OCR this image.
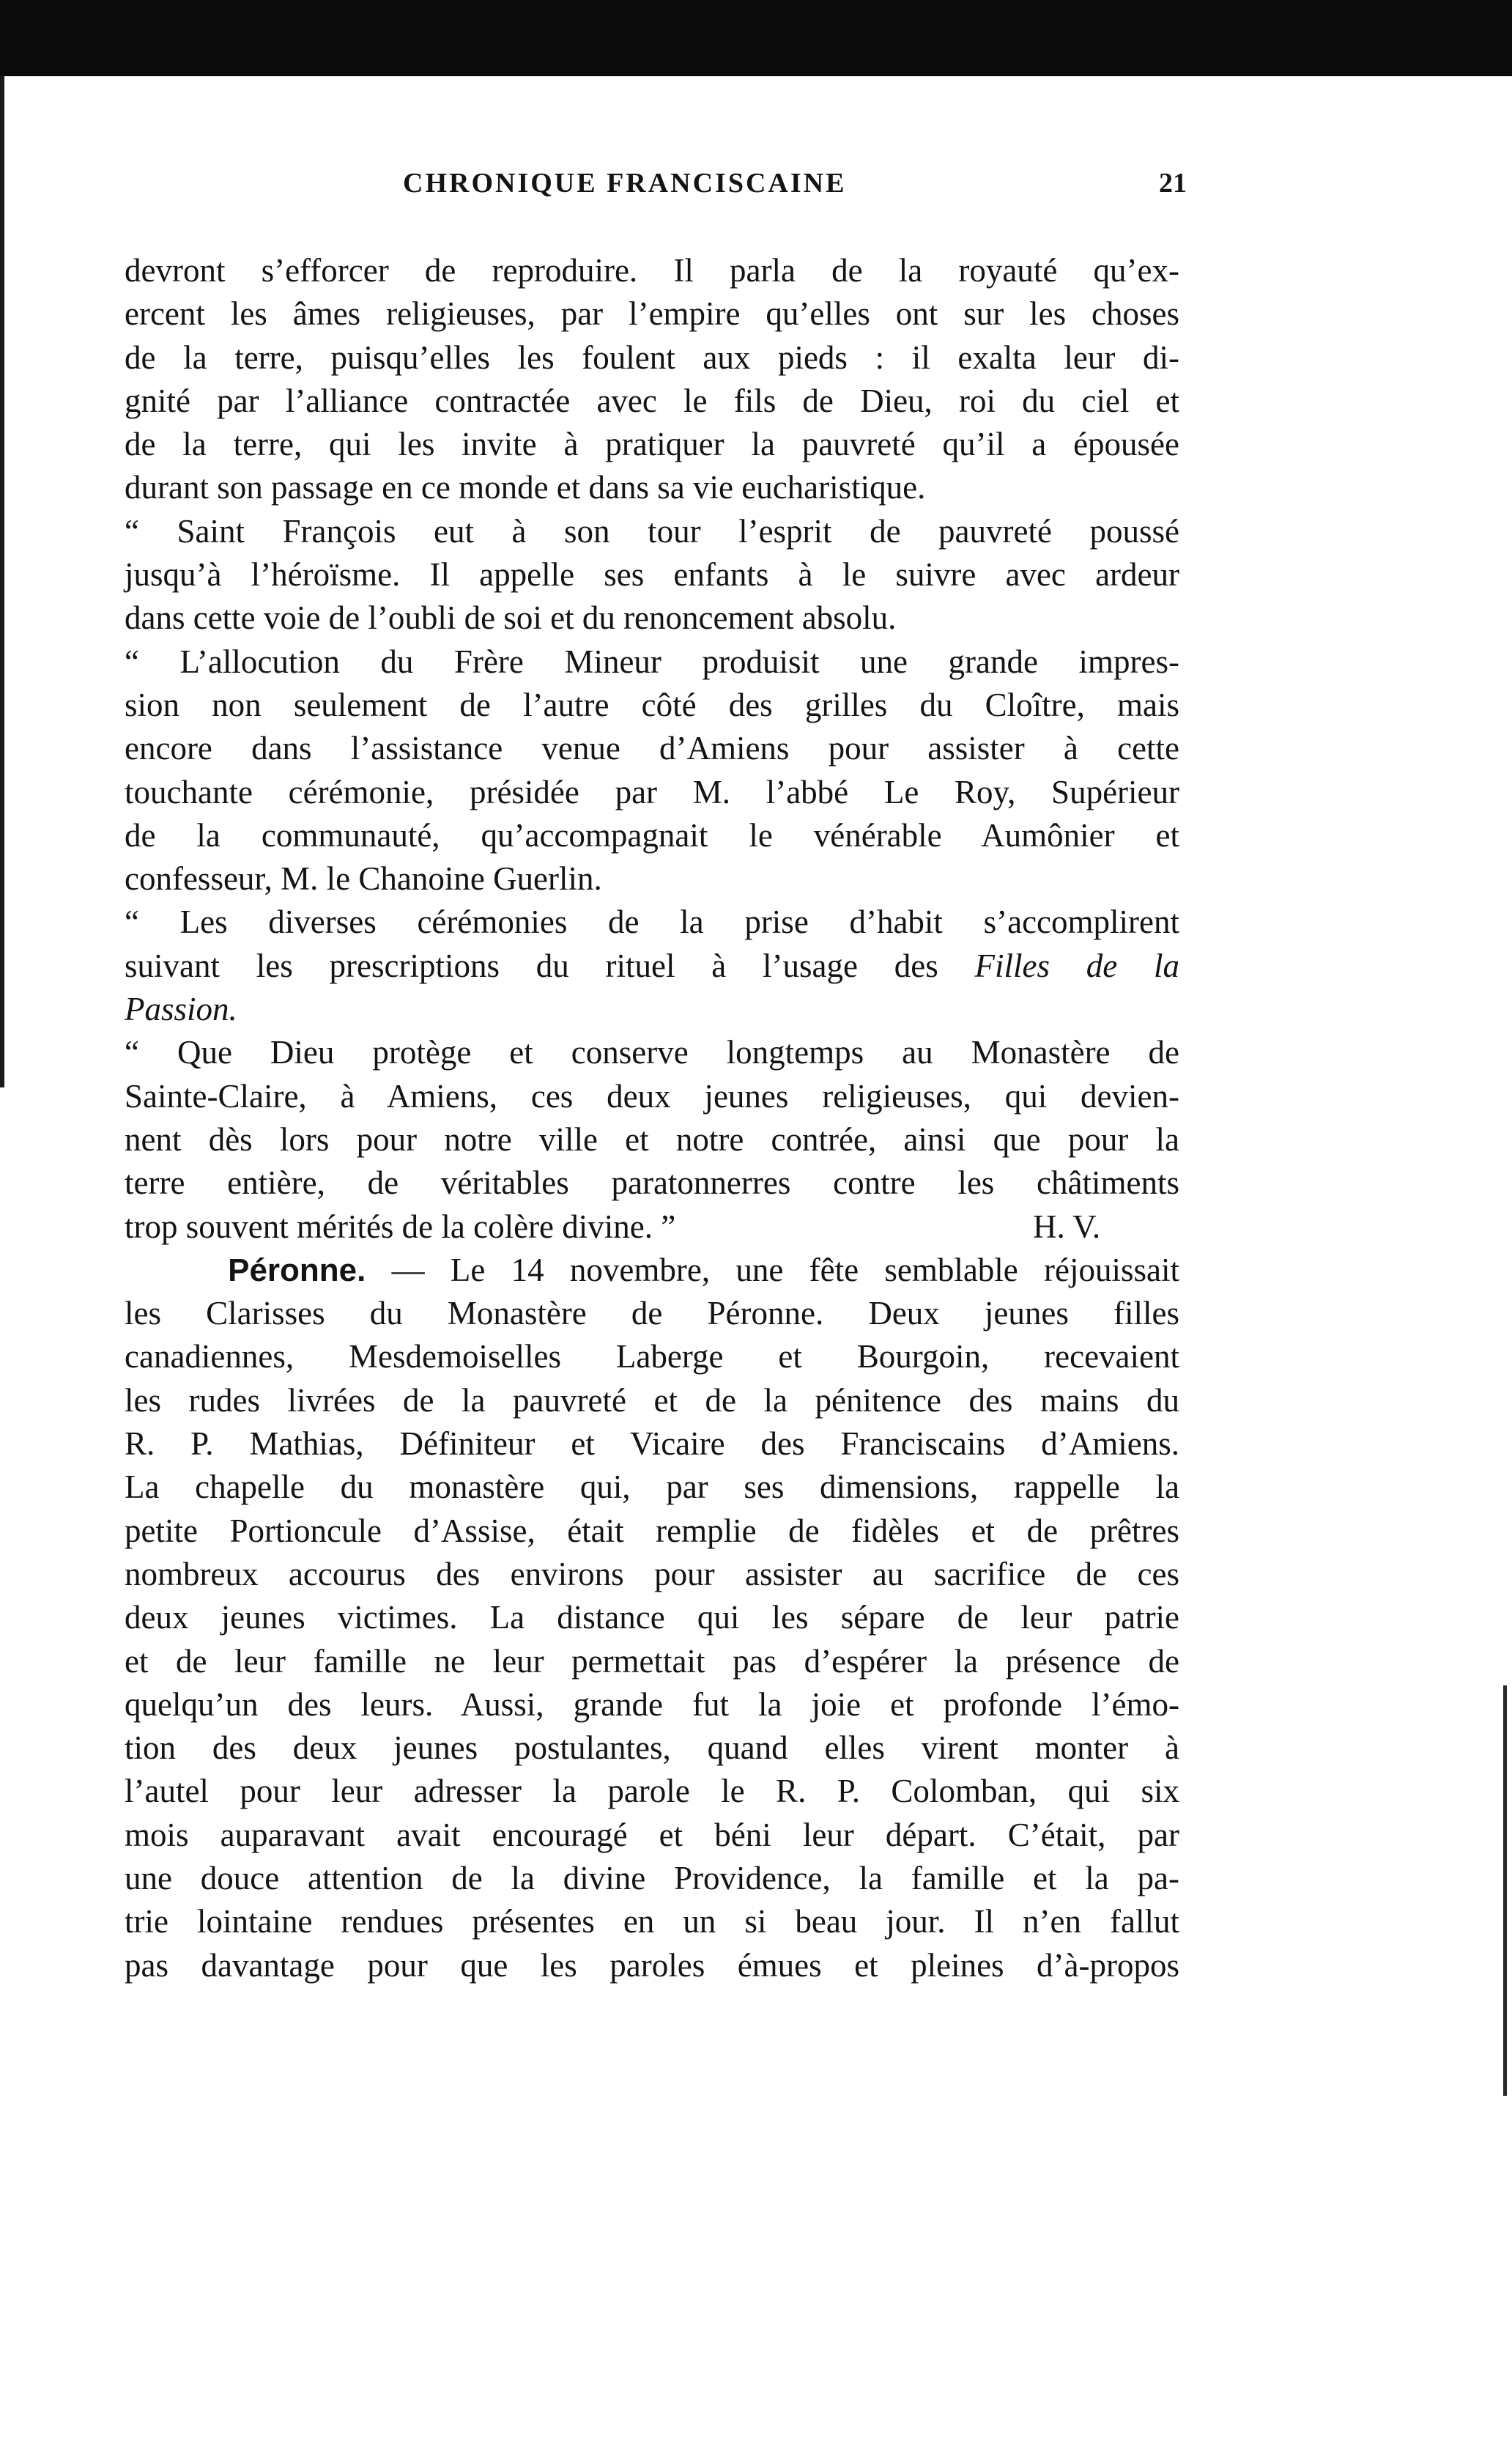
CHRONIQUE FRANCISCAINE	21
devront s’efforcer de reproduire. Il parla de la royauté qu’ex-
ercent les âmes religieuses, par l’empire qu’elles ont sur les choses
de la terre, puisqu’elles les foulent aux pieds : il exalta leur di-
gnité par l’alliance contractée avec le fils de Dieu, roi du ciel et
de la terre, qui les invite à pratiquer la pauvreté qu’il a épousée
durant son passage en ce monde et dans sa vie eucharistique.
“ Saint François eut à son tour l’esprit de pauvreté poussé
jusqu’à l’héroïsme. Il appelle ses enfants à le suivre avec ardeur
dans cette voie de l’oubli de soi et du renoncement absolu.
“ L’allocution du Frère Mineur produisit une grande impres-
sion non seulement de l’autre côté des grilles du Cloître, mais
encore dans l’assistance venue d’Amiens pour assister à cette
touchante cérémonie, présidée par M. l’abbé Le Roy, Supérieur
de la communauté, qu’accompagnait le vénérable Aumônier et
confesseur, M. le Chanoine Guerlin.
“ Les diverses cérémonies de la prise d’habit s’accomplirent
suivant les prescriptions du rituel à l’usage des Filles de la
Passion.
“ Que Dieu protège et conserve longtemps au Monastère de
Sainte-Claire, à Amiens, ces deux jeunes religieuses, qui devien-
nent dès lors pour notre ville et notre contrée, ainsi que pour la
terre entière, de véritables paratonnerres contre les châtiments
trop souvent mérités de la colère divine. ”	H. V.
Péronne. — Le 14 novembre, une fête semblable réjouissait
les Clarisses du Monastère de Péronne. Deux jeunes filles
canadiennes, Mesdemoiselles Laberge et Bourgoin, recevaient
les rudes livrées de la pauvreté et de la pénitence des mains du
R. P. Mathias, Définiteur et Vicaire des Franciscains d’Amiens.
La chapelle du monastère qui, par ses dimensions, rappelle la
petite Portioncule d’Assise, était remplie de fidèles et de prêtres
nombreux accourus des environs pour assister au sacrifice de ces
deux jeunes victimes. La distance qui les sépare de leur patrie
et de leur famille ne leur permettait pas d’espérer la présence de
quelqu’un des leurs. Aussi, grande fut la joie et profonde l’émo-
tion des deux jeunes postulantes, quand elles virent monter à
l’autel pour leur adresser la parole le R. P. Colomban, qui six
mois auparavant avait encouragé et béni leur départ. C’était, par
une douce attention de la divine Providence, la famille et la pa-
trie lointaine rendues présentes en un si beau jour. Il n’en fallut
pas davantage pour que les paroles émues et pleines d’à-propos
